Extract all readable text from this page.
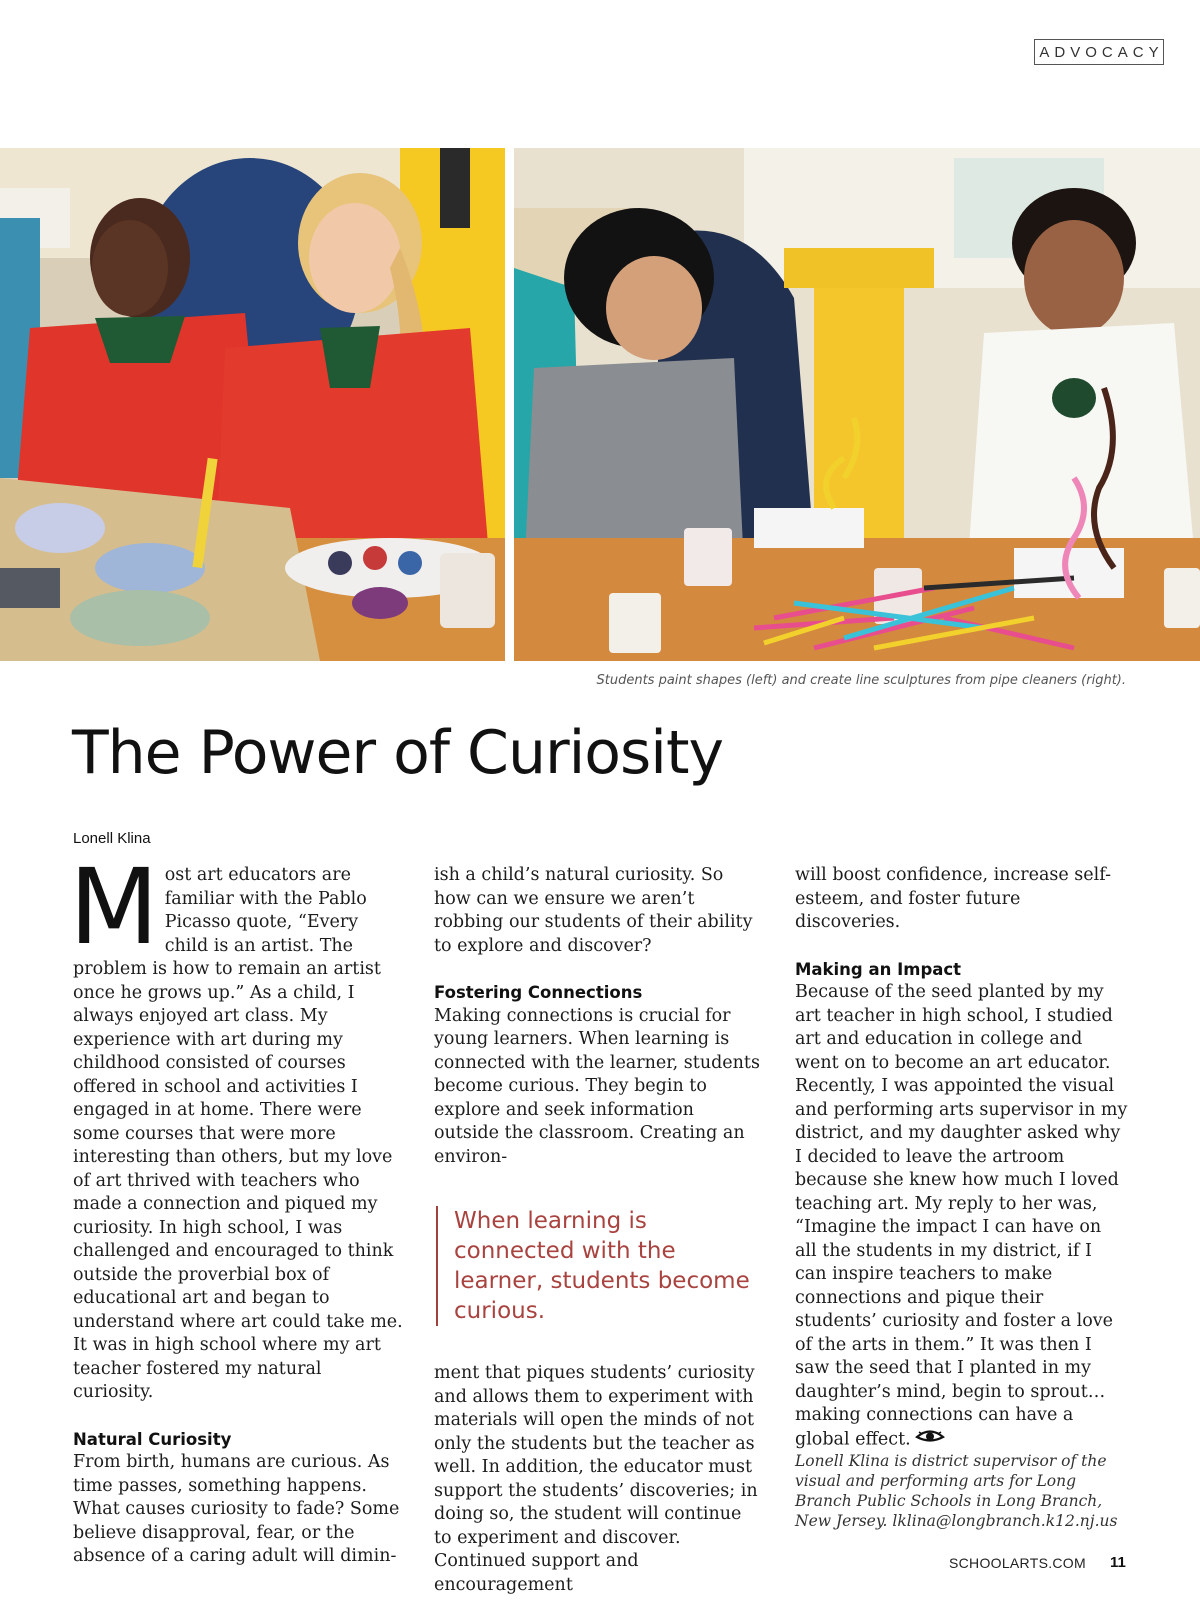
ADVOCACY
Students paint shapes (left) and create line sculptures from pipe cleaners (right).
The Power of Curiosity
Lonell Klina

Most art educators are familiar with the Pablo Picasso quote, “Every child is an artist. The problem is how to remain an artist once he grows up.” As a child, I always enjoyed art class. My experience with art during my childhood consisted of courses offered in school and activities I engaged in at home. There were some courses that were more interesting than others, but my love of art thrived with teachers who made a connection and piqued my curiosity. In high school, I was challenged and encouraged to think outside the proverbial box of educational art and began to understand where art could take me. It was in high school where my art teacher fostered my natural curiosity.

Natural Curiosity

From birth, humans are curious. As time passes, something happens. What causes curiosity to fade? Some believe disapproval, fear, or the absence of a caring adult will dimin-

ish a child’s natural curiosity. So how can we ensure we aren’t robbing our students of their ability to explore and discover?

Fostering Connections

Making connections is crucial for young learners. When learning is connected with the learner, students become curious. They begin to explore and seek information outside the classroom. Creating an environ-

When learning is connected with the learner, students become curious.

ment that piques students’ curiosity and allows them to experiment with materials will open the minds of not only the students but the teacher as well. In addition, the educator must support the students’ discoveries; in doing so, the student will continue to experiment and discover. Continued support and encouragement

will boost confidence, increase self-esteem, and foster future discoveries.

Making an Impact

Because of the seed planted by my art teacher in high school, I studied art and education in college and went on to become an art educator. Recently, I was appointed the visual and performing arts supervisor in my district, and my daughter asked why I decided to leave the artroom because she knew how much I loved teaching art. My reply to her was, “Imagine the impact I can have on all the students in my district, if I can inspire teachers to make connections and pique their students’ curiosity and foster a love of the arts in them.” It was then I saw the seed that I planted in my daughter’s mind, begin to sprout…making connections can have a global effect.

Lonell Klina is district supervisor of the visual and performing arts for Long Branch Public Schools in Long Branch, New Jersey. lklina@longbranch.k12.nj.us

SCHOOLARTS.COM 11
